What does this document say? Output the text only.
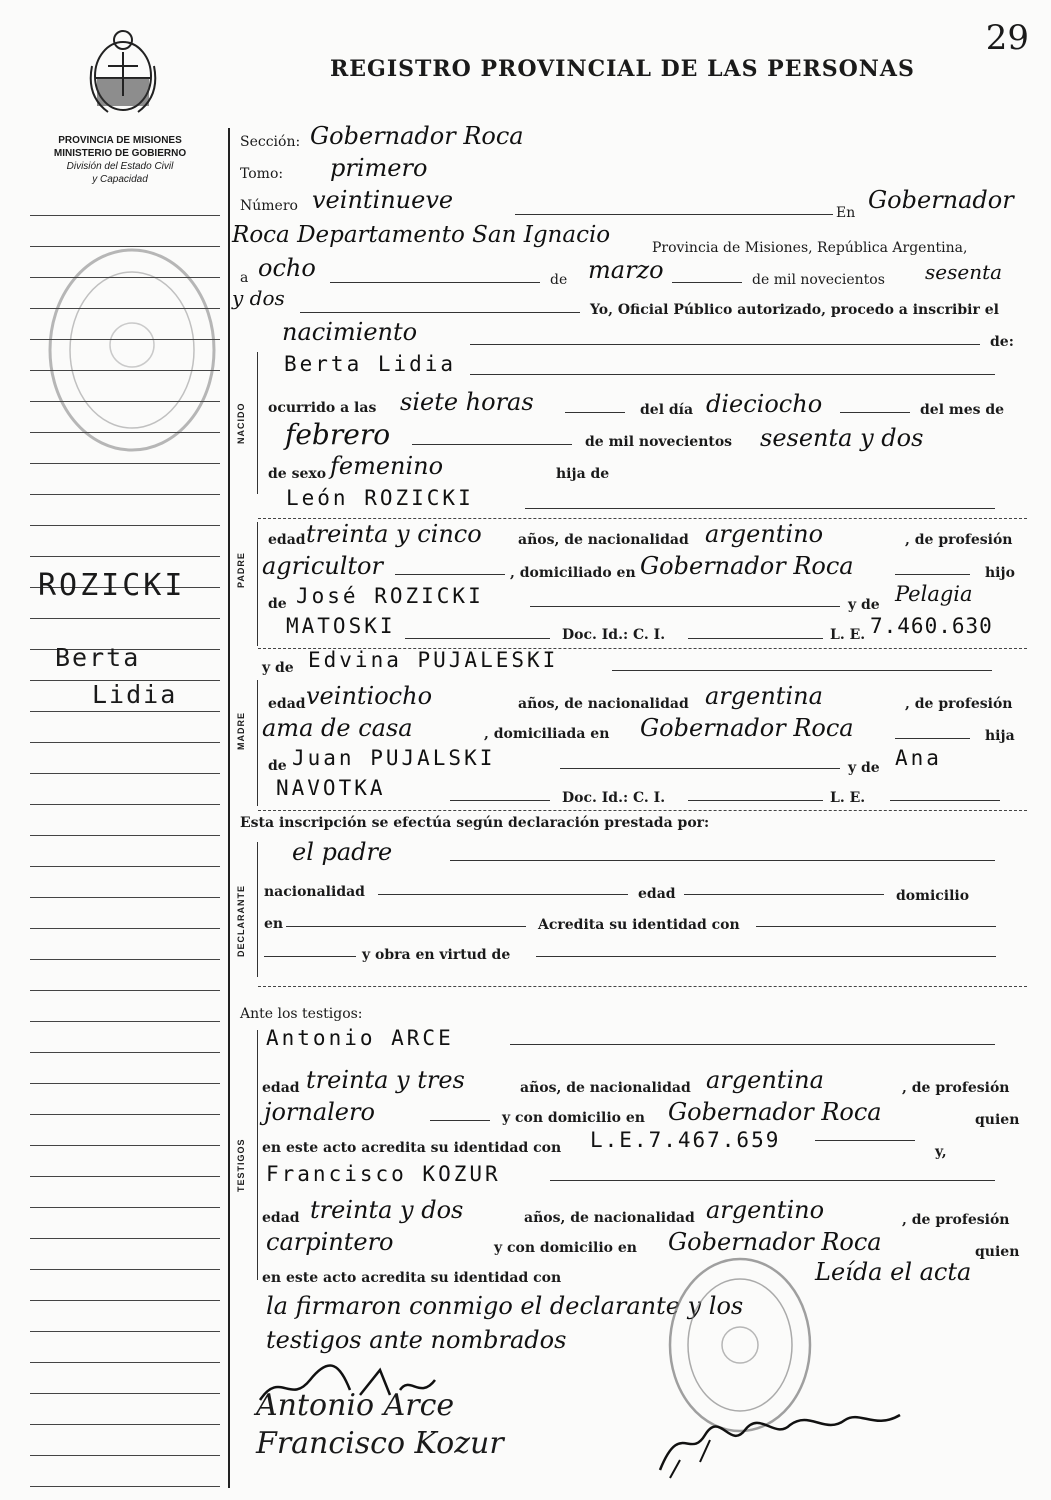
29
REGISTRO PROVINCIAL DE LAS PERSONAS
PROVINCIA DE MISIONES
MINISTERIO DE GOBIERNO
División del Estado Civil
y Capacidad
ROZICKI
Berta
Lidia
Sección: Gobernador Roca
Tomo: primero
Número veintinueve	En Gobernador
Roca Departamento San Ignacio	Provincia de Misiones, República Argentina,
a ocho	de marzo	de mil novecientos sesenta
y dos	Yo, Oficial Público autorizado, procedo a inscribir el
nacimiento	de:
NACIDO
Berta Lidia
ocurrido a las siete horas	del día dieciocho	del mes de
febrero	de mil novecientos sesenta y dos
de sexo femenino	hija de
León ROZICKI
PADRE
edad treinta y cinco	años, de nacionalidad argentino	, de profesión
agricultor	, domiciliado en Gobernador Roca	hijo
de José ROZICKI	y de Pelagia
MATOSKI	Doc. Id.: C. I.	L. E. 7.460.630
MADRE
y de Edvina PUJALESKI
edad veintiocho	años, de nacionalidad argentina	, de profesión
ama de casa	, domiciliada en Gobernador Roca	hija
de Juan PUJALSKI	y de Ana
NAVOTKA	Doc. Id.: C. I.	L. E.
Esta inscripción se efectúa según declaración prestada por:
DECLARANTE
el padre
nacionalidad	edad	domicilio
en	Acredita su identidad con
y obra en virtud de
Ante los testigos:
TESTIGOS
Antonio ARCE
edad treinta y tres	años, de nacionalidad argentina	, de profesión
jornalero	y con domicilio en Gobernador Roca	quien
en este acto acredita su identidad con L.E.7.467.659	y,
Francisco KOZUR
edad treinta y dos	años, de nacionalidad argentino	, de profesión
carpintero	y con domicilio en Gobernador Roca	quien
en este acto acredita su identidad con	Leída el acta
la firmaron conmigo el declarante y los
testigos ante nombrados
Antonio Arce
Francisco Kozur
